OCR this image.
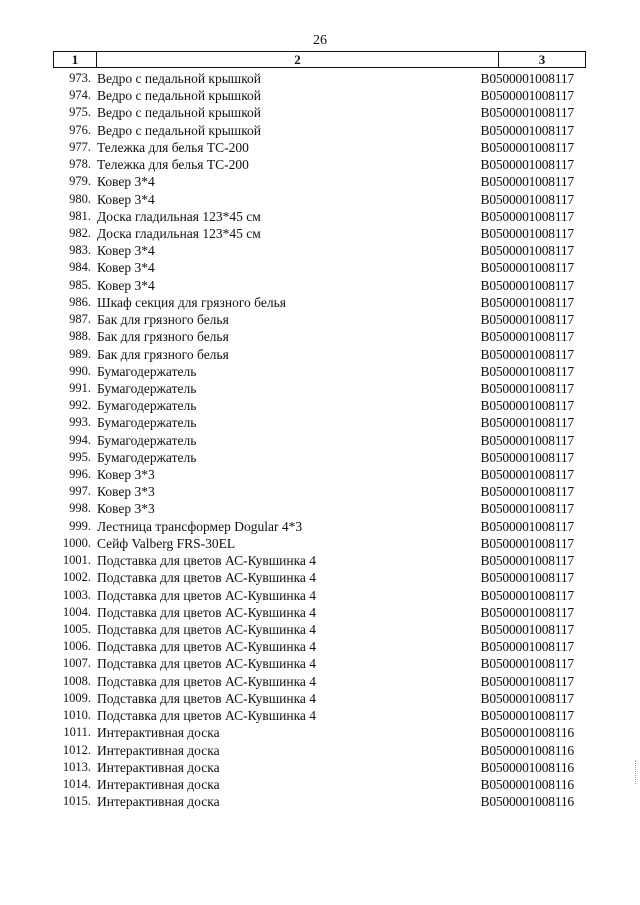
26
1	2	3
973. Ведро с педальной крышкой	B0500001008117
974. Ведро с педальной крышкой	B0500001008117
975. Ведро с педальной крышкой	B0500001008117
976. Ведро с педальной крышкой	B0500001008117
977. Тележка для белья ТС-200	B0500001008117
978. Тележка для белья ТС-200	B0500001008117
979. Ковер 3*4	B0500001008117
980. Ковер 3*4	B0500001008117
981. Доска гладильная 123*45 см	B0500001008117
982. Доска гладильная 123*45 см	B0500001008117
983. Ковер 3*4	B0500001008117
984. Ковер 3*4	B0500001008117
985. Ковер 3*4	B0500001008117
986. Шкаф секция для грязного белья	B0500001008117
987. Бак для грязного белья	B0500001008117
988. Бак для грязного белья	B0500001008117
989. Бак для грязного белья	B0500001008117
990. Бумагодержатель	B0500001008117
991. Бумагодержатель	B0500001008117
992. Бумагодержатель	B0500001008117
993. Бумагодержатель	B0500001008117
994. Бумагодержатель	B0500001008117
995. Бумагодержатель	B0500001008117
996. Ковер 3*3	B0500001008117
997. Ковер 3*3	B0500001008117
998. Ковер 3*3	B0500001008117
999. Лестница трансформер Dogular 4*3	B0500001008117
1000. Сейф Valberg FRS-30EL	B0500001008117
1001. Подставка для цветов АС-Кувшинка 4	B0500001008117
1002. Подставка для цветов АС-Кувшинка 4	B0500001008117
1003. Подставка для цветов АС-Кувшинка 4	B0500001008117
1004. Подставка для цветов АС-Кувшинка 4	B0500001008117
1005. Подставка для цветов АС-Кувшинка 4	B0500001008117
1006. Подставка для цветов АС-Кувшинка 4	B0500001008117
1007. Подставка для цветов АС-Кувшинка 4	B0500001008117
1008. Подставка для цветов АС-Кувшинка 4	B0500001008117
1009. Подставка для цветов АС-Кувшинка 4	B0500001008117
1010. Подставка для цветов АС-Кувшинка 4	B0500001008117
1011. Интерактивная доска	B0500001008116
1012. Интерактивная доска	B0500001008116
1013. Интерактивная доска	B0500001008116
1014. Интерактивная доска	B0500001008116
1015. Интерактивная доска	B0500001008116
